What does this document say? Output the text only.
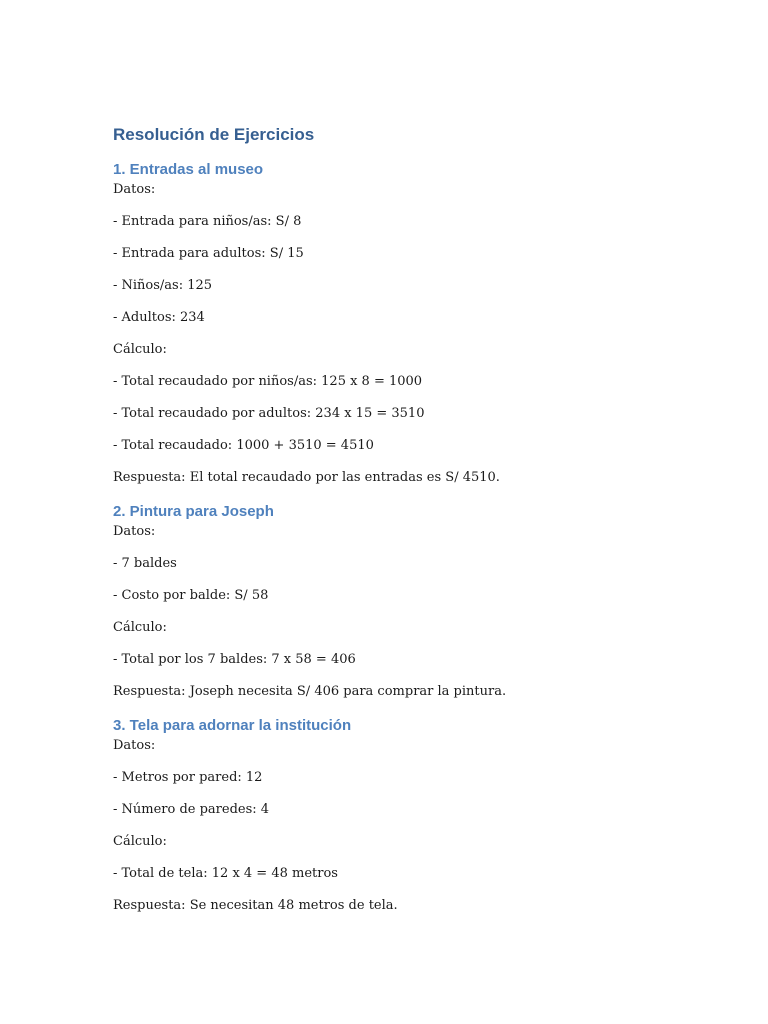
Resolución de Ejercicios
1. Entradas al museo

Datos:

- Entrada para niños/as: S/ 8

- Entrada para adultos: S/ 15

- Niños/as: 125

- Adultos: 234

Cálculo:

- Total recaudado por niños/as: 125 x 8 = 1000

- Total recaudado por adultos: 234 x 15 = 3510

- Total recaudado: 1000 + 3510 = 4510

Respuesta: El total recaudado por las entradas es S/ 4510.

2. Pintura para Joseph

Datos:

- 7 baldes

- Costo por balde: S/ 58

Cálculo:

- Total por los 7 baldes: 7 x 58 = 406

Respuesta: Joseph necesita S/ 406 para comprar la pintura.

3. Tela para adornar la institución

Datos:

- Metros por pared: 12

- Número de paredes: 4

Cálculo:

- Total de tela: 12 x 4 = 48 metros

Respuesta: Se necesitan 48 metros de tela.
